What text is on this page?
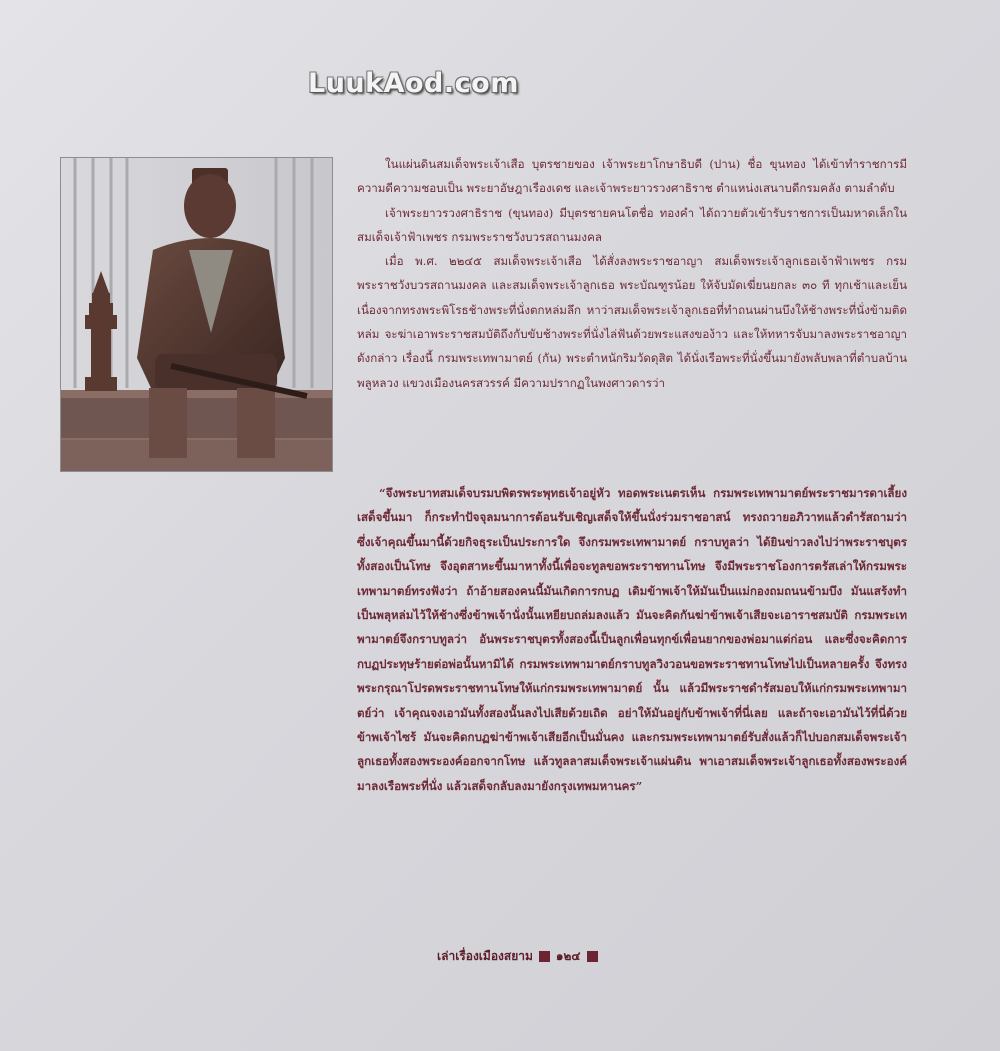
LuukAod.com

ในแผ่นดินสมเด็จพระเจ้าเสือ บุตรชายของ เจ้าพระยาโกษาธิบดี (ปาน) ชื่อ ขุนทอง ได้เข้าทำราชการมีความดีความชอบเป็น พระยาอัษฎาเรืองเดช และเจ้าพระยาวรวงศาธิราช ตำแหน่งเสนาบดีกรมคลัง ตามลำดับ

เจ้าพระยาวรวงศาธิราช (ขุนทอง) มีบุตรชายคนโตชื่อ ทองคำ ได้ถวายตัวเข้ารับราชการเป็นมหาดเล็กใน สมเด็จเจ้าฟ้าเพชร กรมพระราชวังบวรสถานมงคล

เมื่อ พ.ศ. ๒๒๔๕ สมเด็จพระเจ้าเสือ ได้สั่งลงพระราชอาญา สมเด็จพระเจ้าลูกเธอเจ้าฟ้าเพชร กรมพระราชวังบวรสถานมงคล และสมเด็จพระเจ้าลูกเธอ พระบัณฑูรน้อย ให้จับมัดเฆี่ยนยกละ ๓๐ ที ทุกเช้าและเย็น เนื่องจากทรงพระพิโรธช้างพระที่นั่งตกหล่มลึก หาว่าสมเด็จพระเจ้าลูกเธอที่ทำถนนผ่านบึงให้ช้างพระที่นั่งข้ามติดหล่ม จะฆ่าเอาพระราชสมบัติถึงกับขับช้างพระที่นั่งไล่ฟันด้วยพระแสงของ้าว และให้ทหารจับมาลงพระราชอาญาดังกล่าว เรื่องนี้ กรมพระเทพามาตย์ (กัน) พระตำหนักริมวัดดุสิต ได้นั่งเรือพระที่นั่งขึ้นมายังพลับพลาที่ตำบลบ้านพลูหลวง แขวงเมืองนครสวรรค์ มีความปรากฏในพงศาวดารว่า

“จึงพระบาทสมเด็จบรมบพิตรพระพุทธเจ้าอยู่หัว ทอดพระเนตรเห็น กรมพระเทพามาตย์พระราชมารดาเลี้ยงเสด็จขึ้นมา ก็กระทำปัจจุลมนาการต้อนรับเชิญเสด็จให้ขึ้นนั่งร่วมราชอาสน์ ทรงถวายอภิวาทแล้วดำรัสถามว่า ซึ่งเจ้าคุณขึ้นมานี้ด้วยกิจธุระเป็นประการใด จึงกรมพระเทพามาตย์ กราบทูลว่า ได้ยินข่าวลงไปว่าพระราชบุตรทั้งสองเป็นโทษ จึงอุตสาหะขึ้นมาหาทั้งนี้เพื่อจะทูลขอพระราชทานโทษ จึงมีพระราชโองการตรัสเล่าให้กรมพระเทพามาตย์ทรงฟังว่า ถ้าอ้ายสองคนนี้มันเกิดการกบฏ เดิมข้าพเจ้าให้มันเป็นแม่กองถมถนนข้ามบึง มันแสร้งทำเป็นพลุหล่มไว้ให้ช้างซึ่งข้าพเจ้านั่งนั้นเหยียบถล่มลงแล้ว มันจะคิดกันฆ่าข้าพเจ้าเสียจะเอาราชสมบัติ กรมพระเทพามาตย์จึงกราบทูลว่า อันพระราชบุตรทั้งสองนี้เป็นลูกเพื่อนทุกข์เพื่อนยากของพ่อมาแต่ก่อน และซึ่งจะคิดการกบฏประทุษร้ายต่อพ่อนั้นหามิได้ กรมพระเทพามาตย์กราบทูลวิงวอนขอพระราชทานโทษไปเป็นหลายครั้ง จึงทรงพระกรุณาโปรดพระราชทานโทษให้แก่กรมพระเทพามาตย์ นั้น แล้วมีพระราชดำรัสมอบให้แก่กรมพระเทพามาตย์ว่า เจ้าคุณจงเอามันทั้งสองนั้นลงไปเสียด้วยเถิด อย่าให้มันอยู่กับข้าพเจ้าที่นี่เลย และถ้าจะเอามันไว้ที่นี่ด้วยข้าพเจ้าไซร้ มันจะคิดกบฏฆ่าข้าพเจ้าเสียอีกเป็นมั่นคง และกรมพระเทพามาตย์รับสั่งแล้วก็ไปบอกสมเด็จพระเจ้าลูกเธอทั้งสองพระองค์ออกจากโทษ แล้วทูลลาสมเด็จพระเจ้าแผ่นดิน พาเอาสมเด็จพระเจ้าลูกเธอทั้งสองพระองค์มาลงเรือพระที่นั่ง แล้วเสด็จกลับลงมายังกรุงเทพมหานคร”

เล่าเรื่องเมืองสยาม ๑๒๔
